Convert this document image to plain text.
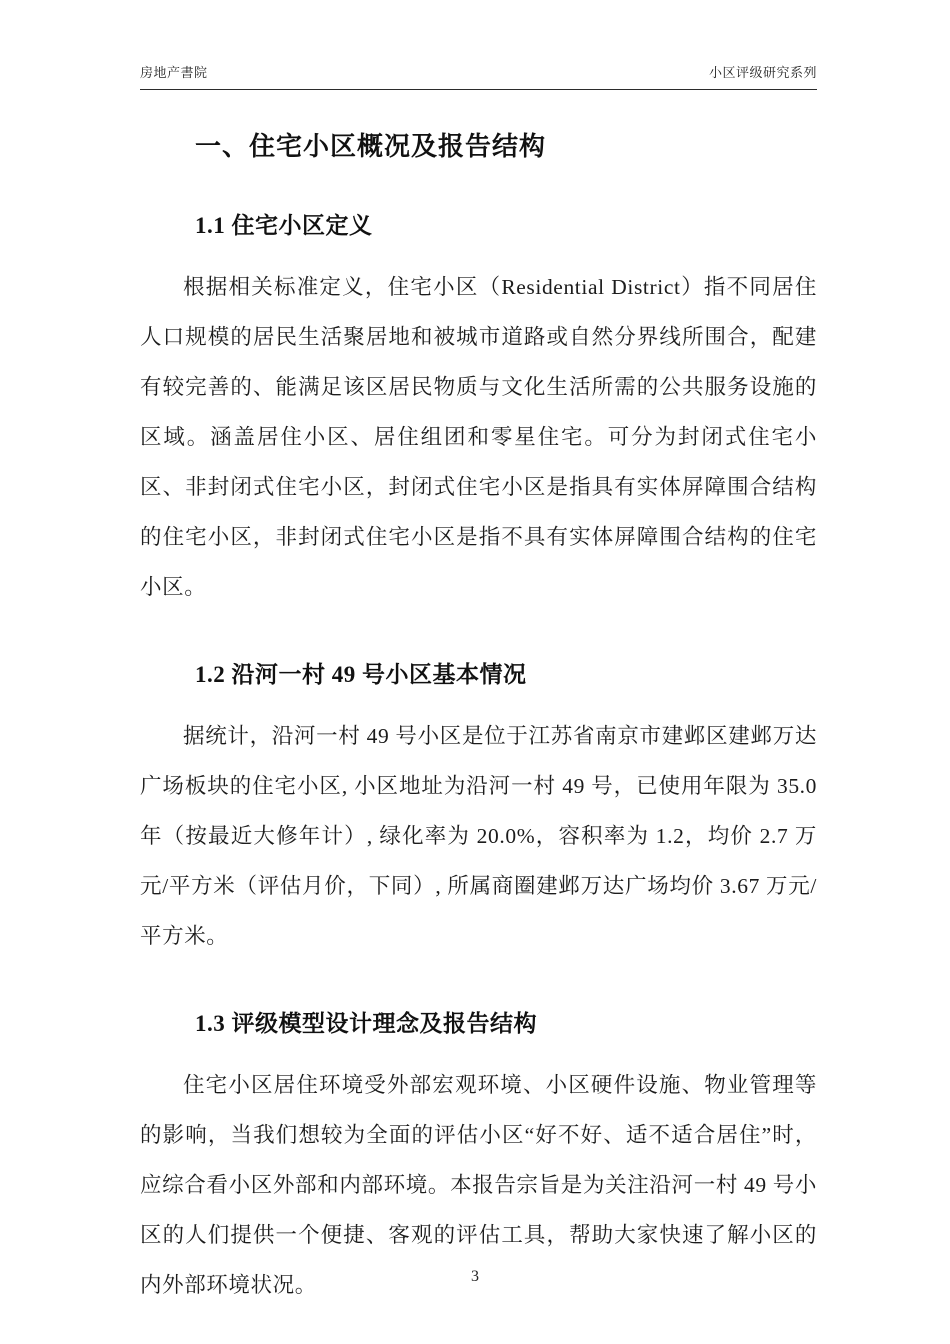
房地产書院	小区评级研究系列
一、住宅小区概况及报告结构
1.1 住宅小区定义

根据相关标准定义，住宅小区（Residential District）指不同居住人口规模的居民生活聚居地和被城市道路或自然分界线所围合，配建有较完善的、能满足该区居民物质与文化生活所需的公共服务设施的区域。涵盖居住小区、居住组团和零星住宅。可分为封闭式住宅小区、非封闭式住宅小区，封闭式住宅小区是指具有实体屏障围合结构的住宅小区，非封闭式住宅小区是指不具有实体屏障围合结构的住宅小区。

1.2 沿河一村 49 号小区基本情况

据统计，沿河一村 49 号小区是位于江苏省南京市建邺区建邺万达广场板块的住宅小区, 小区地址为沿河一村 49 号，已使用年限为 35.0 年（按最近大修年计）, 绿化率为 20.0%，容积率为 1.2，均价 2.7 万元/平方米（评估月价，下同）, 所属商圈建邺万达广场均价 3.67 万元/平方米。

1.3 评级模型设计理念及报告结构

住宅小区居住环境受外部宏观环境、小区硬件设施、物业管理等的影响，当我们想较为全面的评估小区“好不好、适不适合居住”时，应综合看小区外部和内部环境。本报告宗旨是为关注沿河一村 49 号小区的人们提供一个便捷、客观的评估工具，帮助大家快速了解小区的内外部环境状况。	3
